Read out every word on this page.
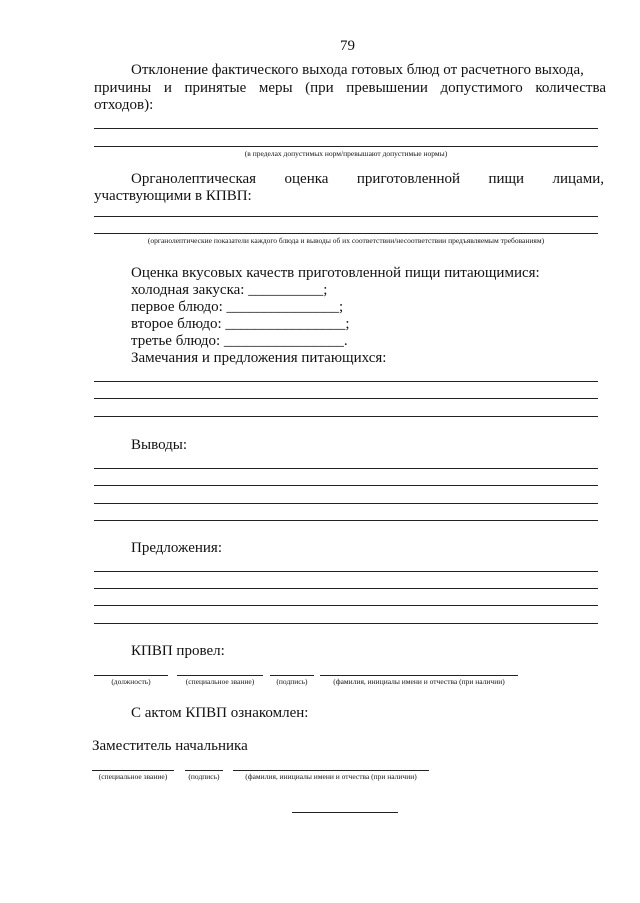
79
Отклонение фактического выхода готовых блюд от расчетного выхода,
причины и принятые меры (при превышении допустимого количества
отходов):
(в пределах допустимых норм/превышают допустимые нормы)
Органолептическая оценка приготовленной пищи лицами,
участвующими в КПВП:
(органолептические показатели каждого блюда и выводы об их соответствии/несоответствии предъявляемым требованиям)
Оценка вкусовых качеств приготовленной пищи питающимися:
холодная закуска: __________;
первое блюдо: _______________;
второе блюдо: ________________;
третье блюдо: ________________.
Замечания и предложения питающихся:
Выводы:
Предложения:
КПВП провел:
(должность)	(специальное звание)	(подпись)	(фамилия, инициалы имени и отчества (при наличии)
С актом КПВП ознакомлен:
Заместитель начальника
(специальное звание)	(подпись)	(фамилия, инициалы имени и отчества (при наличии)
